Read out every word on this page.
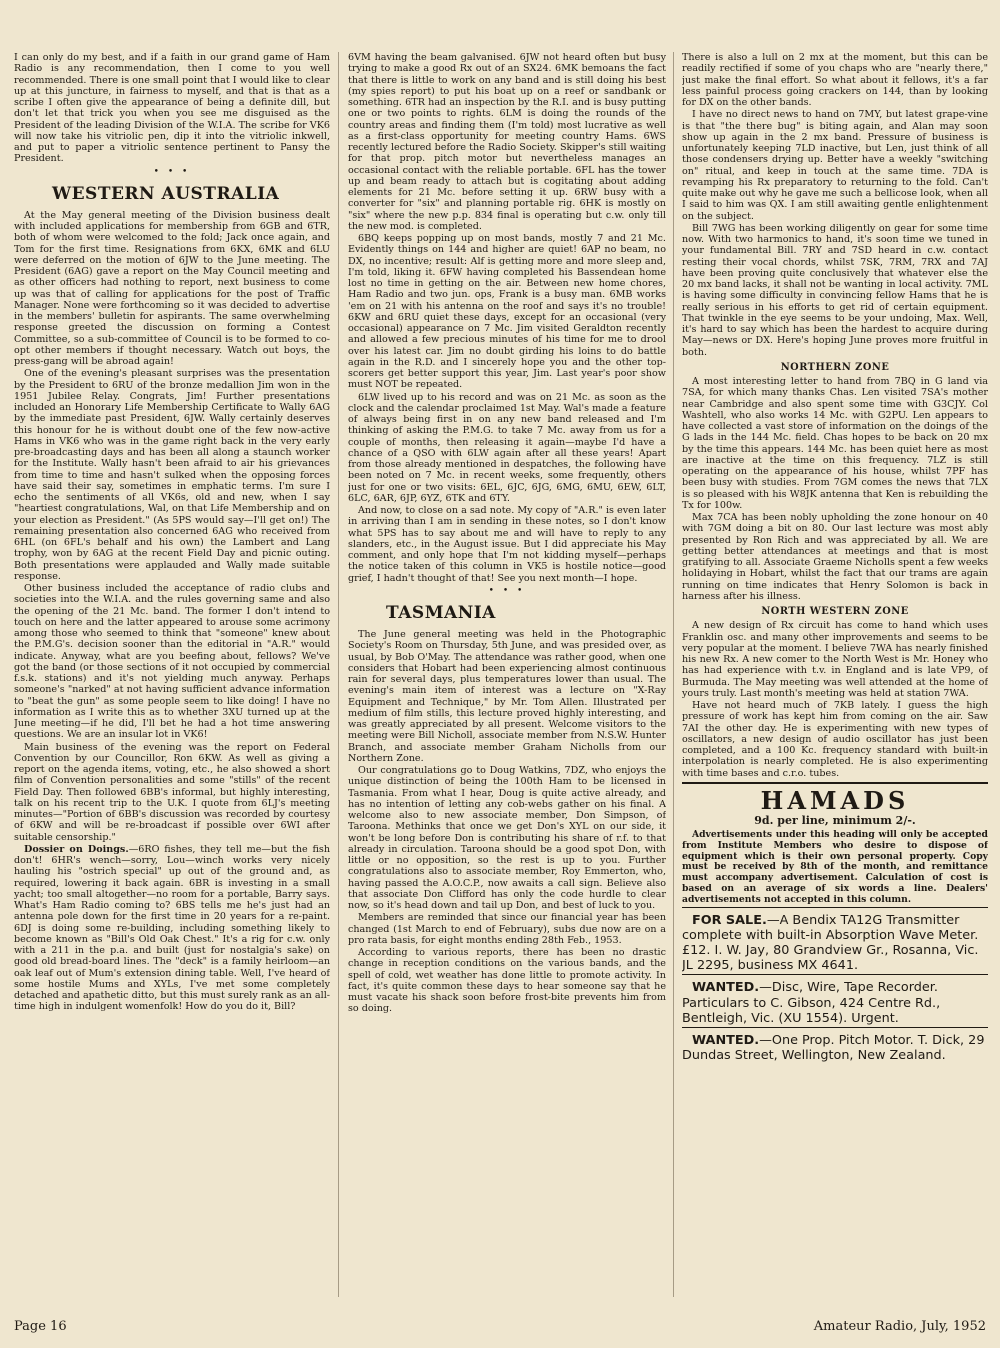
I can only do my best, and if a faith in our grand game of Ham Radio is any recommendation, then I come to you well recommended. There is one small point that I would like to clear up at this juncture, in fairness to myself, and that is that as a scribe I often give the appearance of being a definite dill, but don't let that trick you when you see me disguised as the President of the leading Division of the W.I.A. The scribe for VK6 will now take his vitriolic pen, dip it into the vitriolic inkwell, and put to paper a vitriolic sentence pertinent to Pansy the President.

• • •
WESTERN AUSTRALIA

At the May general meeting of the Division business dealt with included applications for membership from 6GB and 6TR, both of whom were welcomed to the fold; Jack once again, and Tom for the first time. Resignations from 6KX, 6MK and 6LU were deferred on the motion of 6JW to the June meeting. The President (6AG) gave a report on the May Council meeting and as other officers had nothing to report, next business to come up was that of calling for applications for the post of Traffic Manager. None were forthcoming so it was decided to advertise in the members' bulletin for aspirants. The same overwhelming response greeted the discussion on forming a Contest Committee, so a sub-committee of Council is to be formed to co-opt other members if thought necessary. Watch out boys, the press-gang will be abroad again!

One of the evening's pleasant surprises was the presentation by the President to 6RU of the bronze medallion Jim won in the 1951 Jubilee Relay. Congrats, Jim! Further presentations included an Honorary Life Membership Certificate to Wally 6AG by the immediate past President, 6JW. Wally certainly deserves this honour for he is without doubt one of the few now-active Hams in VK6 who was in the game right back in the very early pre-broadcasting days and has been all along a staunch worker for the Institute. Wally hasn't been afraid to air his grievances from time to time and hasn't sulked when the opposing forces have said their say, sometimes in emphatic terms. I'm sure I echo the sentiments of all VK6s, old and new, when I say "heartiest congratulations, Wal, on that Life Membership and on your election as President." (As 5PS would say—I'll get on!) The remaining presentation also concerned 6AG who received from 6HL (on 6FL's behalf and his own) the Lambert and Lang trophy, won by 6AG at the recent Field Day and picnic outing. Both presentations were applauded and Wally made suitable response.

Other business included the acceptance of radio clubs and societies into the W.I.A. and the rules governing same and also the opening of the 21 Mc. band. The former I don't intend to touch on here and the latter appeared to arouse some acrimony among those who seemed to think that "someone" knew about the P.M.G's. decision sooner than the editorial in "A.R." would indicate. Anyway, what are you beefing about, fellows? We've got the band (or those sections of it not occupied by commercial f.s.k. stations) and it's not yielding much anyway. Perhaps someone's "narked" at not having sufficient advance information to "beat the gun" as some people seem to like doing! I have no information as I write this as to whether 3XU turned up at the June meeting—if he did, I'll bet he had a hot time answering questions. We are an insular lot in VK6!

Main business of the evening was the report on Federal Convention by our Councillor, Ron 6KW. As well as giving a report on the agenda items, voting, etc., he also showed a short film of Convention personalities and some "stills" of the recent Field Day. Then followed 6BB's informal, but highly interesting, talk on his recent trip to the U.K. I quote from 6LJ's meeting minutes—"Portion of 6BB's discussion was recorded by courtesy of 6KW and will be re-broadcast if possible over 6WI after suitable censorship."

Dossier on Doings.—6RO fishes, they tell me—but the fish don't! 6HR's wench—sorry, Lou—winch works very nicely hauling his "ostrich special" up out of the ground and, as required, lowering it back again. 6BR is investing in a small yacht; too small altogether—no room for a portable, Barry says. What's Ham Radio coming to? 6BS tells me he's just had an antenna pole down for the first time in 20 years for a re-paint. 6DJ is doing some re-building, including something likely to become known as "Bill's Old Oak Chest." It's a rig for c.w. only with a 211 in the p.a. and built (just for nostalgia's sake) on good old bread-board lines. The "deck" is a family heirloom—an oak leaf out of Mum's extension dining table. Well, I've heard of some hostile Mums and XYLs, I've met some completely detached and apathetic ditto, but this must surely rank as an all-time high in indulgent womenfolk! How do you do it, Bill?

6VM having the beam galvanised. 6JW not heard often but busy trying to make a good Rx out of an SX24. 6MK bemoans the fact that there is little to work on any band and is still doing his best (my spies report) to put his boat up on a reef or sandbank or something. 6TR had an inspection by the R.I. and is busy putting one or two points to rights. 6LM is doing the rounds of the country areas and finding them (I'm told) most lucrative as well as a first-class opportunity for meeting country Hams. 6WS recently lectured before the Radio Society. Skipper's still waiting for that prop. pitch motor but nevertheless manages an occasional contact with the reliable portable. 6FL has the tower up and beam ready to attach but is cogitating about adding elements for 21 Mc. before setting it up. 6RW busy with a converter for "six" and planning portable rig. 6HK is mostly on "six" where the new p.p. 834 final is operating but c.w. only till the new mod. is completed.

6BQ keeps popping up on most bands, mostly 7 and 21 Mc. Evidently things on 144 and higher are quiet! 6AP no beam, no DX, no incentive; result: Alf is getting more and more sleep and, I'm told, liking it. 6FW having completed his Bassendean home lost no time in getting on the air. Between new home chores, Ham Radio and two jun. ops, Frank is a busy man. 6MB works 'em on 21 with his antenna on the roof and says it's no trouble! 6KW and 6RU quiet these days, except for an occasional (very occasional) appearance on 7 Mc. Jim visited Geraldton recently and allowed a few precious minutes of his time for me to drool over his latest car. Jim no doubt girding his loins to do battle again in the R.D. and I sincerely hope you and the other top-scorers get better support this year, Jim. Last year's poor show must NOT be repeated.

6LW lived up to his record and was on 21 Mc. as soon as the clock and the calendar proclaimed 1st May. Wal's made a feature of always being first in on any new band released and I'm thinking of asking the P.M.G. to take 7 Mc. away from us for a couple of months, then releasing it again—maybe I'd have a chance of a QSO with 6LW again after all these years! Apart from those already mentioned in despatches, the following have been noted on 7 Mc. in recent weeks, some frequently, others just for one or two visits: 6EL, 6JC, 6JG, 6MG, 6MU, 6EW, 6LT, 6LC, 6AR, 6JP, 6YZ, 6TK and 6TY.

And now, to close on a sad note. My copy of "A.R." is even later in arriving than I am in sending in these notes, so I don't know what 5PS has to say about me and will have to reply to any slanders, etc., in the August issue. But I did appreciate his May comment, and only hope that I'm not kidding myself—perhaps the notice taken of this column in VK5 is hostile notice—good grief, I hadn't thought of that! See you next month—I hope.

• • •
TASMANIA

The June general meeting was held in the Photographic Society's Room on Thursday, 5th June, and was presided over, as usual, by Bob O'May. The attendance was rather good, when one considers that Hobart had been experiencing almost continuous rain for several days, plus temperatures lower than usual. The evening's main item of interest was a lecture on "X-Ray Equipment and Technique," by Mr. Tom Allen. Illustrated per medium of film stills, this lecture proved highly interesting, and was greatly appreciated by all present. Welcome visitors to the meeting were Bill Nicholl, associate member from N.S.W. Hunter Branch, and associate member Graham Nicholls from our Northern Zone.

Our congratulations go to Doug Watkins, 7DZ, who enjoys the unique distinction of being the 100th Ham to be licensed in Tasmania. From what I hear, Doug is quite active already, and has no intention of letting any cob-webs gather on his final. A welcome also to new associate member, Don Simpson, of Taroona. Methinks that once we get Don's XYL on our side, it won't be long before Don is contributing his share of r.f. to that already in circulation. Taroona should be a good spot Don, with little or no opposition, so the rest is up to you. Further congratulations also to associate member, Roy Emmerton, who, having passed the A.O.C.P., now awaits a call sign. Believe also that associate Don Clifford has only the code hurdle to clear now, so it's head down and tail up Don, and best of luck to you.

Members are reminded that since our financial year has been changed (1st March to end of February), subs due now are on a pro rata basis, for eight months ending 28th Feb., 1953.

According to various reports, there has been no drastic change in reception conditions on the various bands, and the spell of cold, wet weather has done little to promote activity. In fact, it's quite common these days to hear someone say that he must vacate his shack soon before frost-bite prevents him from so doing.

There is also a lull on 2 mx at the moment, but this can be readily rectified if some of you chaps who are "nearly there," just make the final effort. So what about it fellows, it's a far less painful process going crackers on 144, than by looking for DX on the other bands.

I have no direct news to hand on 7MY, but latest grape-vine is that "the there bug" is biting again, and Alan may soon show up again in the 2 mx band. Pressure of business is unfortunately keeping 7LD inactive, but Len, just think of all those condensers drying up. Better have a weekly "switching on" ritual, and keep in touch at the same time. 7DA is revamping his Rx preparatory to returning to the fold. Can't quite make out why he gave me such a bellicose look, when all I said to him was QX. I am still awaiting gentle enlightenment on the subject.

Bill 7WG has been working diligently on gear for some time now. With two harmonics to hand, it's soon time we tuned in your fundamental Bill. 7RY and 7SD heard in c.w. contact resting their vocal chords, whilst 7SK, 7RM, 7RX and 7AJ have been proving quite conclusively that whatever else the 20 mx band lacks, it shall not be wanting in local activity. 7ML is having some difficulty in convincing fellow Hams that he is really serious in his efforts to get rid of certain equipment. That twinkle in the eye seems to be your undoing, Max. Well, it's hard to say which has been the hardest to acquire during May—news or DX. Here's hoping June proves more fruitful in both.

NORTHERN ZONE

A most interesting letter to hand from 7BQ in G land via 7SA, for which many thanks Chas. Len visited 7SA's mother near Cambridge and also spent some time with G3CJY. Col Washtell, who also works 14 Mc. with G2PU. Len appears to have collected a vast store of information on the doings of the G lads in the 144 Mc. field. Chas hopes to be back on 20 mx by the time this appears. 144 Mc. has been quiet here as most are inactive at the time on this frequency. 7LZ is still operating on the appearance of his house, whilst 7PF has been busy with studies. From 7GM comes the news that 7LX is so pleased with his W8JK antenna that Ken is rebuilding the Tx for 100w.

Max 7CA has been nobly upholding the zone honour on 40 with 7GM doing a bit on 80. Our last lecture was most ably presented by Ron Rich and was appreciated by all. We are getting better attendances at meetings and that is most gratifying to all. Associate Graeme Nicholls spent a few weeks holidaying in Hobart, whilst the fact that our trams are again running on time indicates that Henry Solomon is back in harness after his illness.

NORTH WESTERN ZONE

A new design of Rx circuit has come to hand which uses Franklin osc. and many other improvements and seems to be very popular at the moment. I believe 7WA has nearly finished his new Rx. A new comer to the North West is Mr. Honey who has had experience with t.v. in England and is late VP9, of Burmuda. The May meeting was well attended at the home of yours truly. Last month's meeting was held at station 7WA.

Have not heard much of 7KB lately. I guess the high pressure of work has kept him from coming on the air. Saw 7AI the other day. He is experimenting with new types of oscillators, a new design of audio oscillator has just been completed, and a 100 Kc. frequency standard with built-in interpolation is nearly completed. He is also experimenting with time bases and c.r.o. tubes.

HAMADS
9d. per line, minimum 2/-.

Advertisements under this heading will only be accepted from Institute Members who desire to dispose of equipment which is their own personal property. Copy must be received by 8th of the month, and remittance must accompany advertisement. Calculation of cost is based on an average of six words a line. Dealers' advertisements not accepted in this column.

FOR SALE.—A Bendix TA12G Transmitter complete with built-in Absorption Wave Meter. £12. I. W. Jay, 80 Grandview Gr., Rosanna, Vic. JL 2295, business MX 4641.

WANTED.—Disc, Wire, Tape Recorder. Particulars to C. Gibson, 424 Centre Rd., Bentleigh, Vic. (XU 1554). Urgent.

WANTED.—One Prop. Pitch Motor. T. Dick, 29 Dundas Street, Wellington, New Zealand.

Page 16	Amateur Radio, July, 1952
